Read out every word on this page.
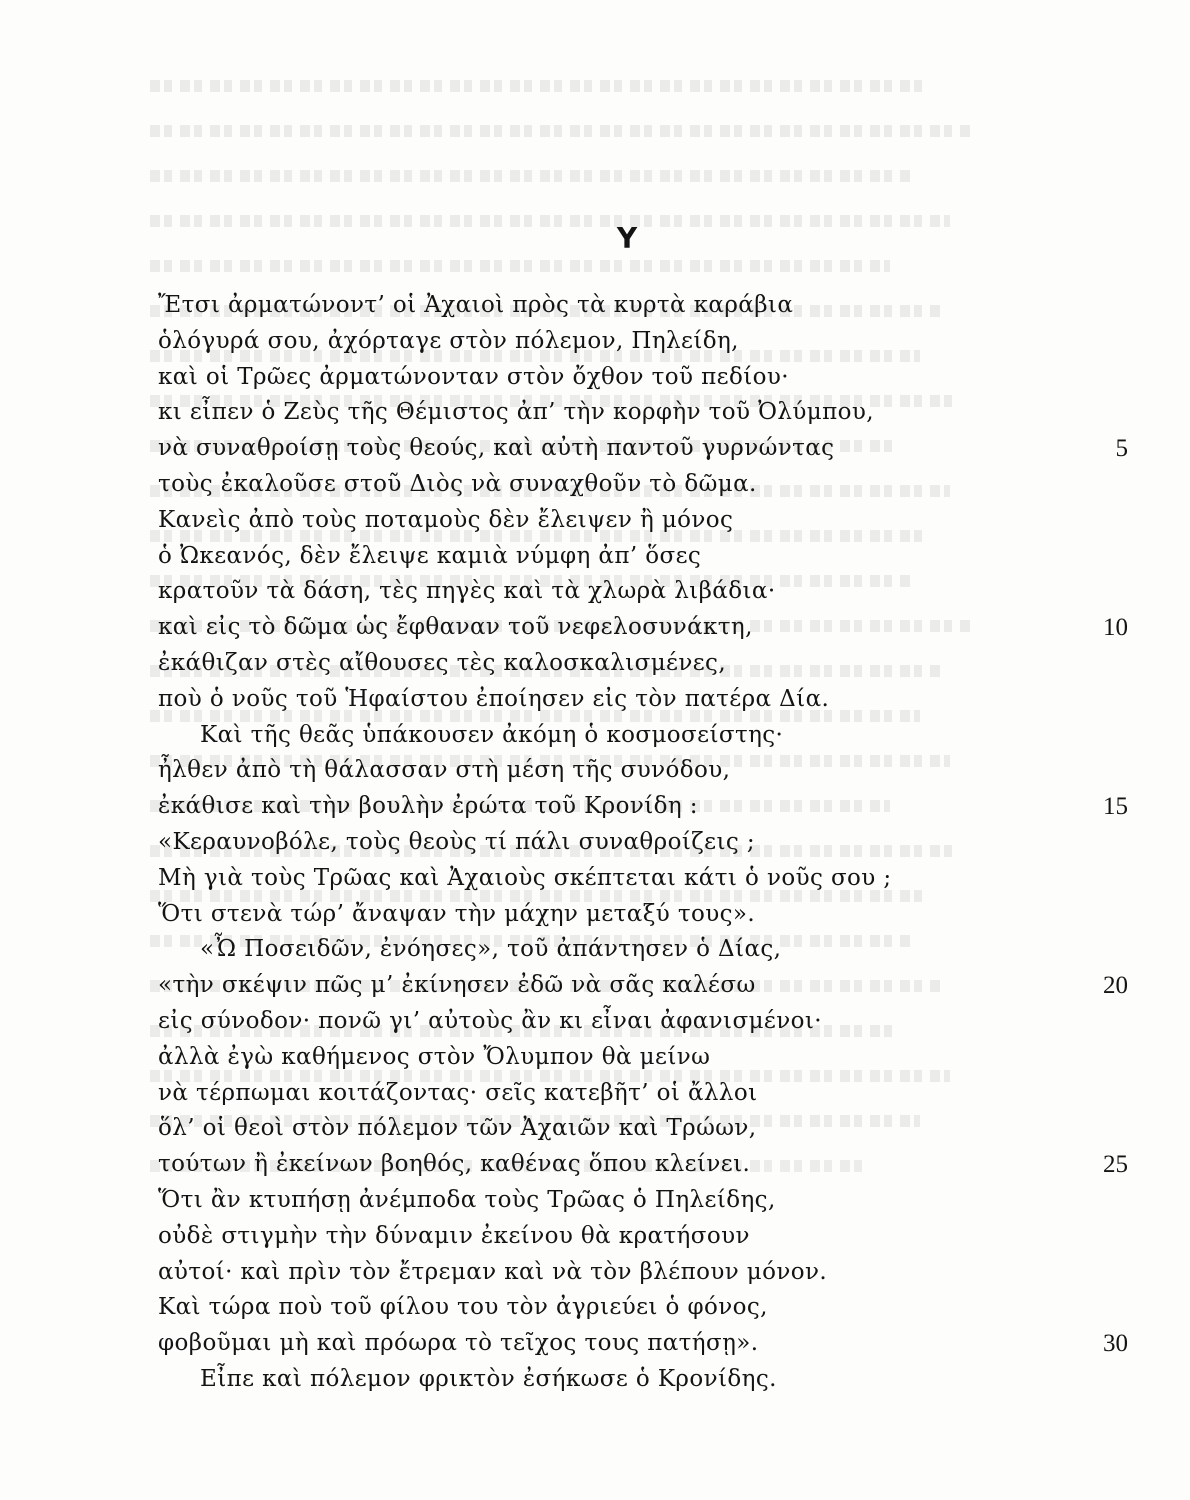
Υ
Ἔτσι ἀρματώνοντ’ οἱ Ἀχαιοὶ πρὸς τὰ κυρτὰ καράβια
ὁλόγυρά σου, ἀχόρταγε στὸν πόλεμον, Πηλείδη,
καὶ οἱ Τρῶες ἀρματώνονταν στὸν ὄχθον τοῦ πεδίου·
κι εἶπεν ὁ Ζεὺς τῆς Θέμιστος ἀπ’ τὴν κορφὴν τοῦ Ὀλύμπου,
νὰ συναθροίσῃ τοὺς θεούς, καὶ αὐτὴ παντοῦ γυρνώντας	5
τοὺς ἐκαλοῦσε στοῦ Διὸς νὰ συναχθοῦν τὸ δῶμα.
Κανεὶς ἀπὸ τοὺς ποταμοὺς δὲν ἔλειψεν ἢ μόνος
ὁ Ὠκεανός, δὲν ἔλειψε καμιὰ νύμφη ἀπ’ ὅσες
κρατοῦν τὰ δάση, τὲς πηγὲς καὶ τὰ χλωρὰ λιβάδια·
καὶ εἰς τὸ δῶμα ὡς ἔφθαναν τοῦ νεφελοσυνάκτη,	10
ἐκάθιζαν στὲς αἴθουσες τὲς καλοσκαλισμένες,
ποὺ ὁ νοῦς τοῦ Ἡφαίστου ἐποίησεν εἰς τὸν πατέρα Δία.
Καὶ τῆς θεᾶς ὑπάκουσεν ἀκόμη ὁ κοσμοσείστης·
ἦλθεν ἀπὸ τὴ θάλασσαν στὴ μέση τῆς συνόδου,
ἐκάθισε καὶ τὴν βουλὴν ἐρώτα τοῦ Κρονίδη :	15
«Κεραυνοβόλε, τοὺς θεοὺς τί πάλι συναθροίζεις ;
Μὴ γιὰ τοὺς Τρῶας καὶ Ἀχαιοὺς σκέπτεται κάτι ὁ νοῦς σου ;
Ὅτι στενὰ τώρ’ ἄναψαν τὴν μάχην μεταξύ τους».
«Ὦ Ποσειδῶν, ἐνόησες», τοῦ ἀπάντησεν ὁ Δίας,
«τὴν σκέψιν πῶς μ’ ἐκίνησεν ἐδῶ νὰ σᾶς καλέσω	20
εἰς σύνοδον· πονῶ γι’ αὐτοὺς ἂν κι εἶναι ἀφανισμένοι·
ἀλλὰ ἐγὼ καθήμενος στὸν Ὄλυμπον θὰ μείνω
νὰ τέρπωμαι κοιτάζοντας· σεῖς κατεβῆτ’ οἱ ἄλλοι
ὅλ’ οἱ θεοὶ στὸν πόλεμον τῶν Ἀχαιῶν καὶ Τρώων,
τούτων ἢ ἐκείνων βοηθός, καθένας ὅπου κλείνει.	25
Ὅτι ἂν κτυπήσῃ ἀνέμποδα τοὺς Τρῶας ὁ Πηλείδης,
οὐδὲ στιγμὴν τὴν δύναμιν ἐκείνου θὰ κρατήσουν
αὐτοί· καὶ πρὶν τὸν ἔτρεμαν καὶ νὰ τὸν βλέπουν μόνον.
Καὶ τώρα ποὺ τοῦ φίλου του τὸν ἀγριεύει ὁ φόνος,
φοβοῦμαι μὴ καὶ πρόωρα τὸ τεῖχος τους πατήσῃ».	30
Εἶπε καὶ πόλεμον φρικτὸν ἐσήκωσε ὁ Κρονίδης.
